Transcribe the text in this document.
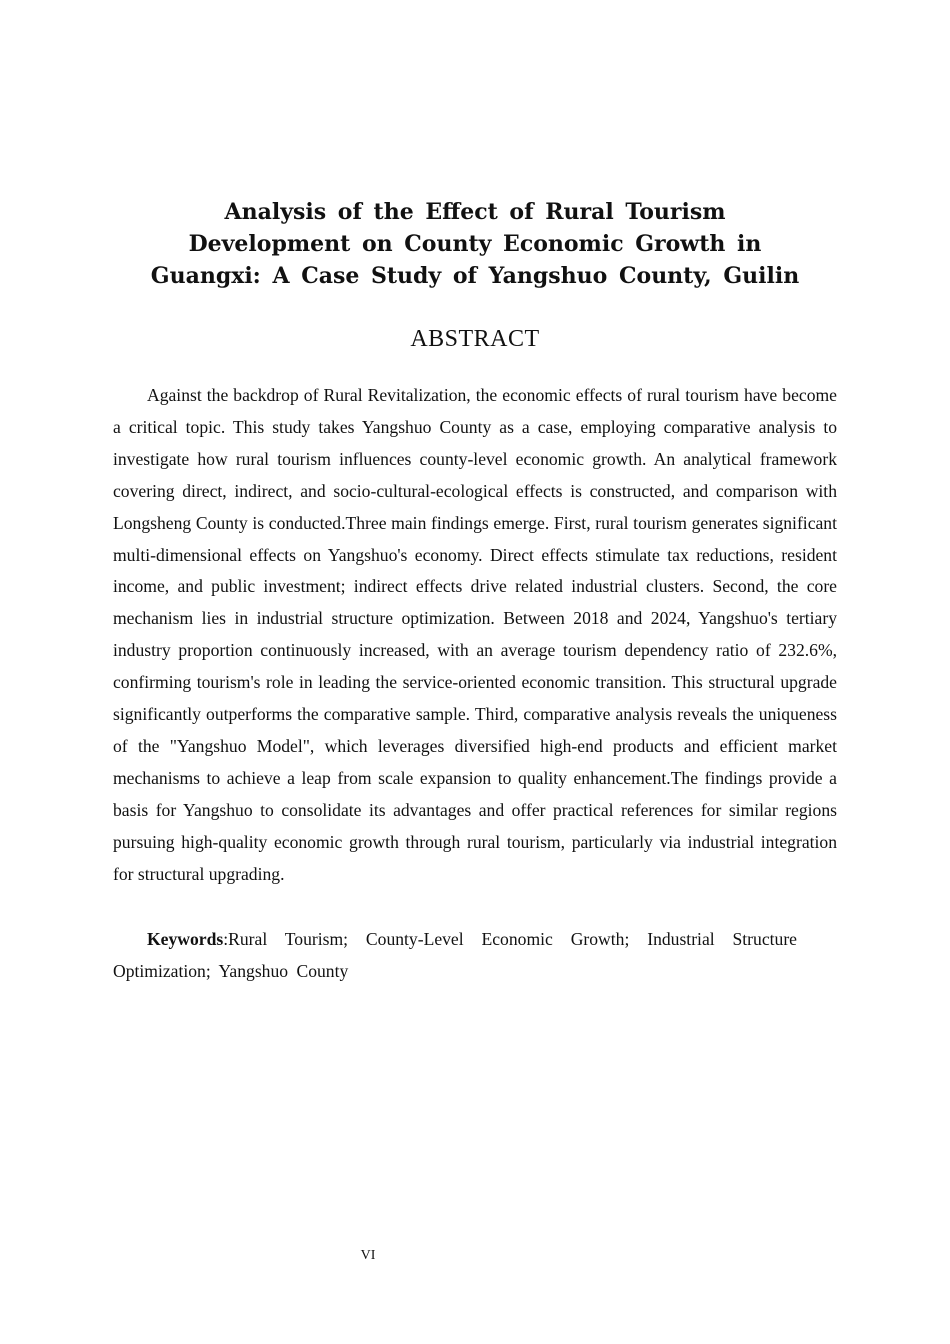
Analysis of the Effect of Rural Tourism Development on County Economic Growth in Guangxi: A Case Study of Yangshuo County, Guilin
ABSTRACT

Against the backdrop of Rural Revitalization, the economic effects of rural tourism have become a critical topic. This study takes Yangshuo County as a case, employing comparative analysis to investigate how rural tourism influences county-level economic growth. An analytical framework covering direct, indirect, and socio-cultural-ecological effects is constructed, and comparison with Longsheng County is conducted.Three main findings emerge. First, rural tourism generates significant multi-dimensional effects on Yangshuo's economy. Direct effects stimulate tax reductions, resident income, and public investment; indirect effects drive related industrial clusters. Second, the core mechanism lies in industrial structure optimization. Between 2018 and 2024, Yangshuo's tertiary industry proportion continuously increased, with an average tourism dependency ratio of 232.6%, confirming tourism's role in leading the service-oriented economic transition. This structural upgrade significantly outperforms the comparative sample. Third, comparative analysis reveals the uniqueness of the "Yangshuo Model", which leverages diversified high-end products and efficient market mechanisms to achieve a leap from scale expansion to quality enhancement.The findings provide a basis for Yangshuo to consolidate its advantages and offer practical references for similar regions pursuing high-quality economic growth through rural tourism, particularly via industrial integration for structural upgrading.

Keywords:Rural Tourism; County-Level Economic Growth; Industrial Structure Optimization; Yangshuo County

VI
